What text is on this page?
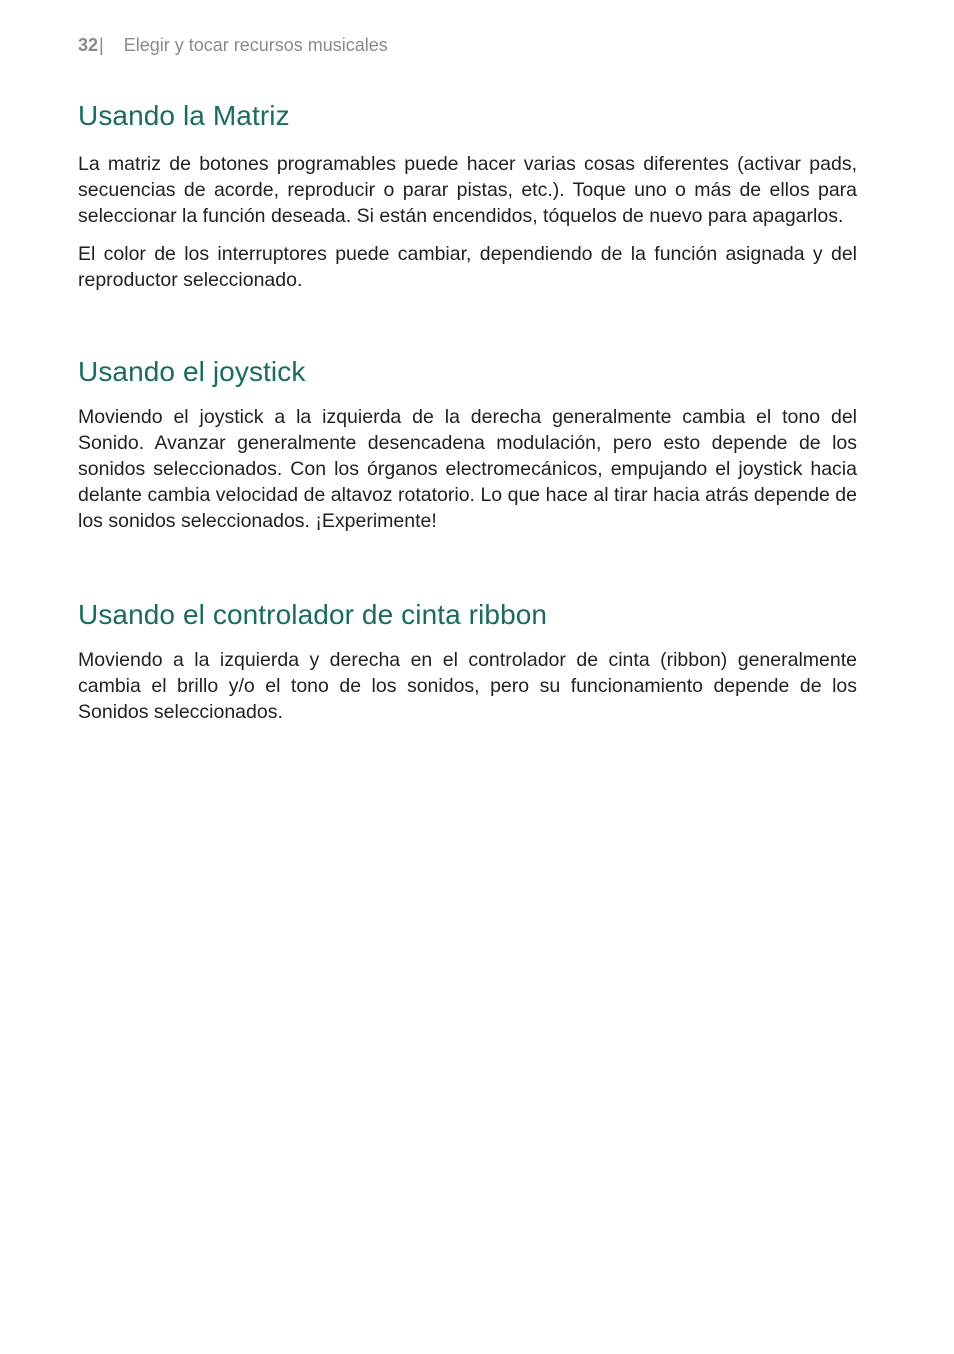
32| Elegir y tocar recursos musicales
Usando la Matriz

La matriz de botones programables puede hacer varias cosas diferentes (activar pads, secuencias de acorde, reproducir o parar pistas, etc.). Toque uno o más de ellos para seleccionar la función deseada. Si están encendidos, tóquelos de nuevo para apagarlos.

El color de los interruptores puede cambiar, dependiendo de la función asignada y del reproductor seleccionado.

Usando el joystick

Moviendo el joystick a la izquierda de la derecha generalmente cambia el tono del Sonido. Avanzar generalmente desencadena modulación, pero esto depende de los sonidos seleccionados. Con los órganos electromecánicos, empujando el joystick hacia delante cambia velocidad de altavoz rotatorio. Lo que hace al tirar hacia atrás depende de los sonidos seleccionados. ¡Experimente!

Usando el controlador de cinta ribbon

Moviendo a la izquierda y derecha en el controlador de cinta (ribbon) generalmente cambia el brillo y/o el tono de los sonidos, pero su funcionamiento depende de los Sonidos seleccionados.
